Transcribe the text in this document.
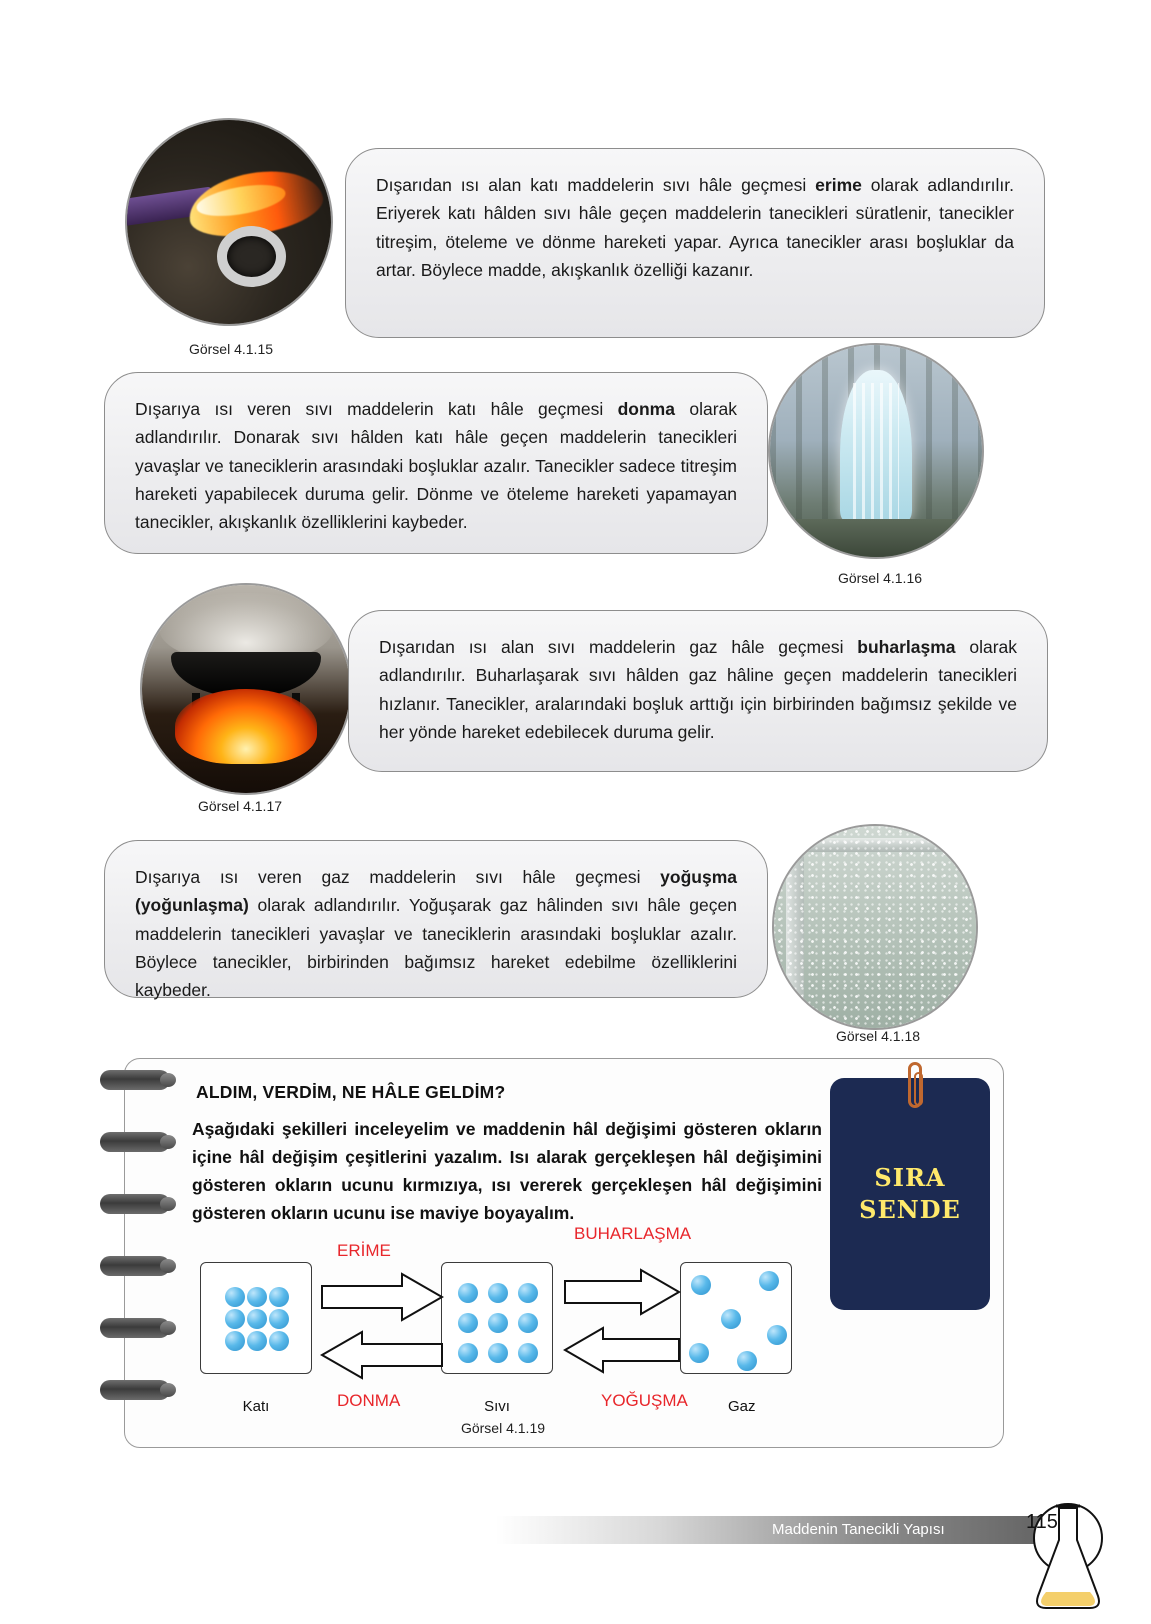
Görsel 4.1.15
Dışarıdan ısı alan katı maddelerin sıvı hâle geçmesi erime olarak adlandırılır. Eriyerek katı hâlden sıvı hâle geçen maddelerin tanecikleri süratlenir, tanecikler titreşim, öteleme ve dönme hareketi yapar. Ayrıca tanecikler arası boşluklar da artar. Böylece madde, akışkanlık özelliği kazanır.
Görsel 4.1.16
Dışarıya ısı veren sıvı maddelerin katı hâle geçmesi donma olarak adlandırılır. Donarak sıvı hâlden katı hâle geçen maddelerin tanecikleri yavaşlar ve taneciklerin arasındaki boşluklar azalır. Tanecikler sadece titreşim hareketi yapabilecek duruma gelir. Dönme ve öteleme hareketi yapamayan tanecikler, akışkanlık özelliklerini kaybeder.
Görsel 4.1.17
Dışarıdan ısı alan sıvı maddelerin gaz hâle geçmesi buharlaşma olarak adlandırılır. Buharlaşarak sıvı hâlden gaz hâline geçen maddelerin tanecikleri hızlanır. Tanecikler, aralarındaki boşluk arttığı için birbirinden bağımsız şekilde ve her yönde hareket edebilecek duruma gelir.
Görsel 4.1.18
Dışarıya ısı veren gaz maddelerin sıvı hâle geçmesi yoğuşma (yoğunlaşma) olarak adlandırılır. Yoğuşarak gaz hâlinden sıvı hâle geçen maddelerin tanecikleri yavaşlar ve taneciklerin arasındaki boşluklar azalır. Böylece tanecikler, birbirinden bağımsız hareket edebilme özelliklerini kaybeder.
ALDIM, VERDİM, NE HÂLE GELDİM?
Aşağıdaki şekilleri inceleyelim ve maddenin hâl değişimi gösteren okların içine hâl değişim çeşitlerini yazalım. Isı alarak gerçekleşen hâl değişimini gösteren okların ucunu kırmızıya, ısı vererek gerçekleşen hâl değişimini gösteren okların ucunu ise maviye boyayalım.
SIRA
SENDE
Katı	Sıvı	Gaz
ERİME
DONMA
BUHARLAŞMA
YOĞUŞMA
Görsel 4.1.19
Maddenin Tanecikli Yapısı	115
